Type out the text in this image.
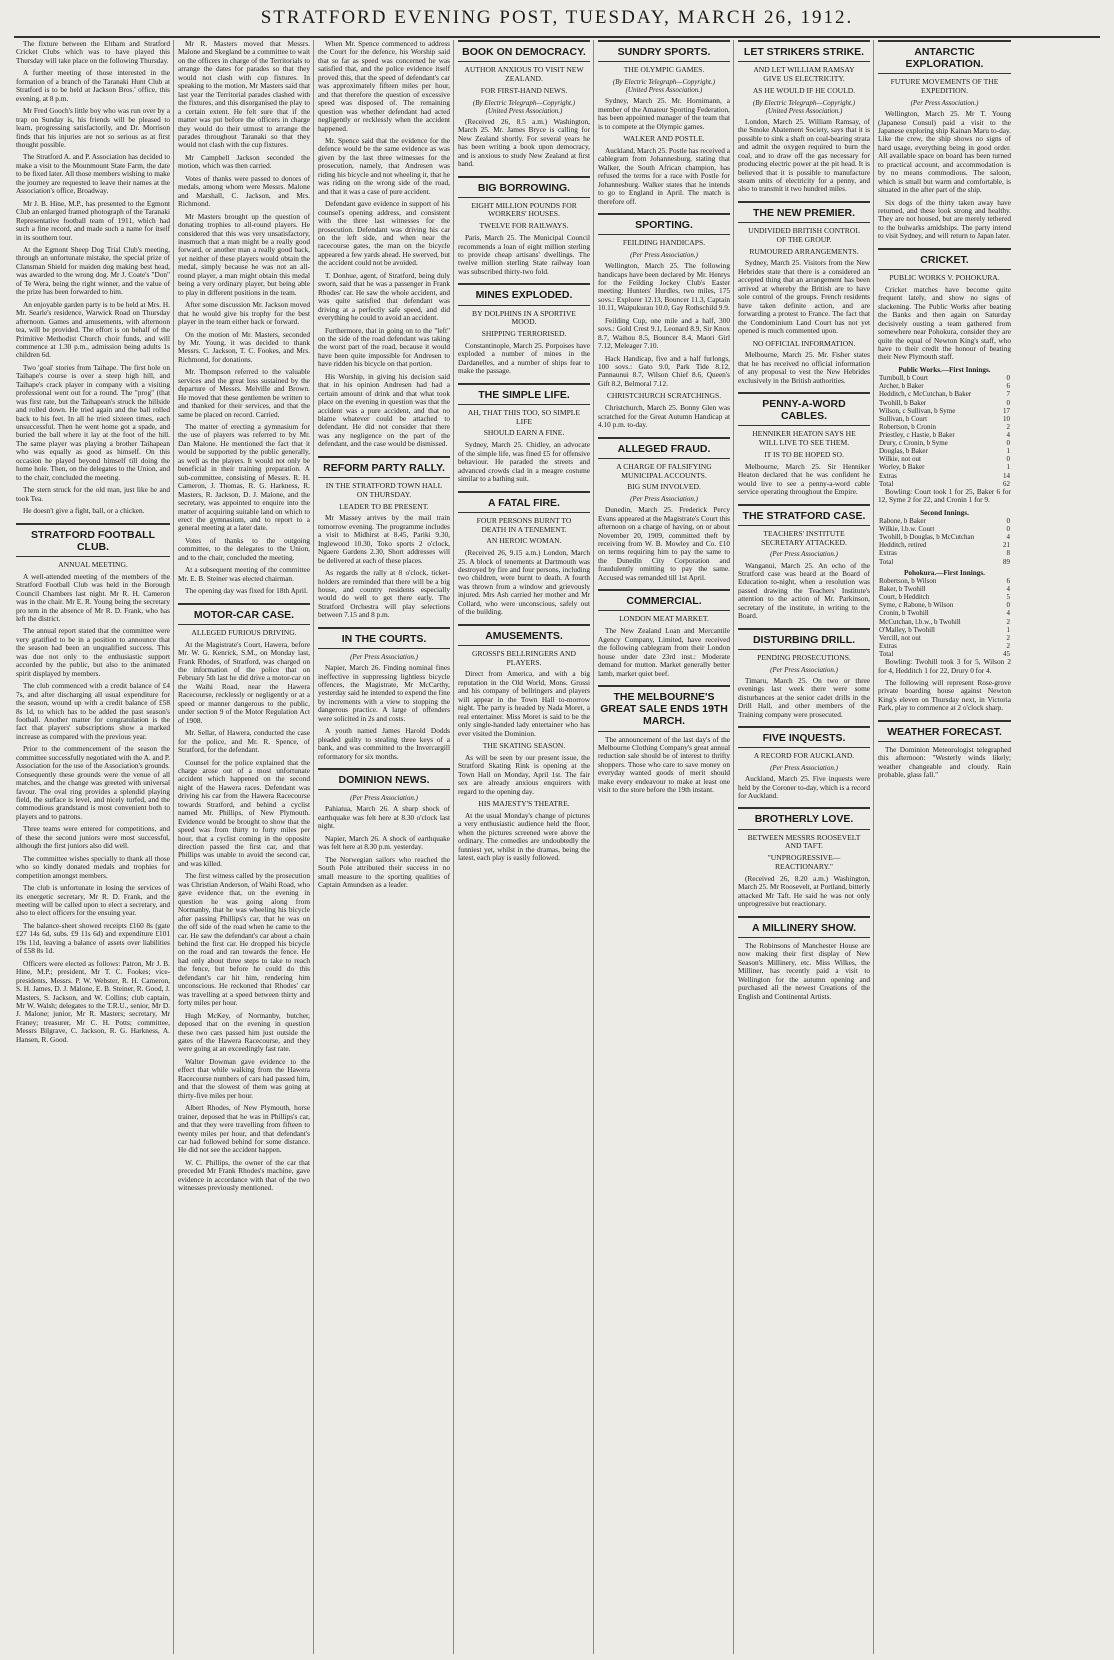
STRATFORD EVENING POST, TUESDAY, MARCH 26, 1912.

The fixture between the Eltham and Stratford Cricket Clubs which was to have played this Thursday will take place on the following Thursday.

A further meeting of those interested in the formation of a branch of the Taranaki Hunt Club at Stratford is to be held at Jackson Bros.' office, this evening, at 8 p.m.

Mr Fred Gooch's little boy who was run over by a trap on Sunday is, his friends will be pleased to learn, progressing satisfactorily, and Dr. Morrison finds that his injuries are not so serious as at first thought possible.

The Stratford A. and P. Association has decided to make a visit to the Mounmount State Farm, the date to be fixed later. All those members wishing to make the journey are requested to leave their names at the Association's office, Broadway.

Mr J. B. Hine, M.P., has presented to the Egmont Club an enlarged framed photograph of the Taranaki Representative football team of 1911, which had such a fine record, and made such a name for itself in its southern tour.

At the Egmont Sheep Dog Trial Club's meeting, through an unfortunate mistake, the special prize of Clansman Shield for maiden dog making best head, was awarded to the wrong dog. Mr J. Coate's "Don" of Te Wera, being the right winner, and the value of the prize has been forwarded to him.

An enjoyable garden party is to be held at Mrs. H. Mr. Searle's residence, Warwick Road on Thursday afternoon. Games and amusements, with afternoon tea, will be provided. The effort is on behalf of the Primitive Methodist Church choir funds, and will commence at 1.30 p.m., admission being adults 1s children 6d.

Two 'goal' stories from Taihape. The first hole on Taihape's course is over a steep high hill, and Taihape's crack player in company with a visiting professional went out for a round. The "prog" (that was first rate, but the Taihapean's struck the hillside and rolled down. He tried again and the ball rolled back to his feet. In all he tried sixteen times, each unsuccessful. Then he went home got a spade, and buried the ball where it lay at the foot of the hill. The same player was playing a brother Taihapean who was equally as good as himself. On this occasion he played beyond himself till doing the home hole. Then, on the delegates to the Union, and to the chair, concluded the meeting.

The stern struck for the old man, just like he and took Tea.

He doesn't give a fight, ball, or a chicken.

STRATFORD FOOTBALL CLUB.
ANNUAL MEETING.

A well-attended meeting of the members of the Stratford Football Club was held in the Borough Council Chambers last night. Mr R. H. Cameron was in the chair. Mr E. R. Young being the secretary pro tem in the absence of Mr R. D. Frank, who has left the district.

The annual report stated that the committee were very gratified to be in a position to announce that the season had been an unqualified success. This was due not only to the enthusiastic support accorded by the public, but also to the animated spirit displayed by members.

The club commenced with a credit balance of £4 7s, and after discharging all usual expenditure for the season, wound up with a credit balance of £58 8s 1d, to which has to be added the past season's football. Another matter for congratulation is the fact that players' subscriptions show a marked increase as compared with the previous year.

Prior to the commencement of the season the committee successfully negotiated with the A. and P. Association for the use of the Association's grounds. Consequently these grounds were the venue of all matches, and the change was greeted with universal favour. The oval ring provides a splendid playing field, the surface is level, and nicely turfed, and the commodious grandstand is most convenient both to players and to patrons.

Three teams were entered for competitions, and of these the second juniors were most successful, although the first juniors also did well.

The committee wishes specially to thank all those who so kindly donated medals and trophies for competition amongst members.

The club is unfortunate in losing the services of its energetic secretary, Mr R. D. Frank, and the meeting will be called upon to elect a secretary, and also to elect officers for the ensuing year.

The balance-sheet showed receipts £160 8s (gate £27 14s 6d, subs. £9 11s 6d) and expenditure £101 19s 11d, leaving a balance of assets over liabilities of £58 8s 1d.

Officers were elected as follows: Patron, Mr J. B. Hine, M.P.; president, Mr T. C. Fookes; vice-presidents, Messrs. P. W. Webster, R. H. Cameron, S. H. James, D. J. Malone, E. B. Steiner, R. Good, J. Masters, S. Jackson, and W. Collins; club captain, Mr W. Walsh; delegates to the T.R.U., senior, Mr D. J. Malone; junior, Mr R. Masters; secretary, Mr Franey; treasurer, Mr C. H. Potts; committee, Messrs Bilgrave, C. Jackson, R. G. Harkness, A. Hansen, R. Good.

Mr R. Masters moved that Messrs. Malone and Skegland be a committee to wait on the officers in charge of the Territorials to arrange the dates for parades so that they would not clash with cup fixtures. In speaking to the motion, Mr Masters said that last year the Territorial parades clashed with the fixtures, and this disorganised the play to a certain extent. He felt sure that if the matter was put before the officers in charge they would do their utmost to arrange the parades throughout Taranaki so that they would not clash with the cup fixtures.

Mr Campbell Jackson seconded the motion, which was then carried.

Votes of thanks were passed to donors of medals, among whom were Messrs. Malone and Marshall, C. Jackson, and Mrs. Richmond.

Mr Masters brought up the question of donating trophies to all-round players. He considered that this was very unsatisfactory, inasmuch that a man might be a really good forward, or another man a really good back, yet neither of these players would obtain the medal, simply because he was not an all-round player, a man might obtain this medal being a very ordinary player, but being able to play in different positions in the team.

After some discussion Mr. Jackson moved that he would give his trophy for the best player in the team either back or forward.

On the motion of Mr. Masters, seconded by Mr. Young, it was decided to thank Messrs. C. Jackson, T. C. Fookes, and Mrs. Richmond, for donations.

Mr. Thompson referred to the valuable services and the great loss sustained by the departure of Messrs. Melville and Brown. He moved that these gentlemen be written to and thanked for their services, and that the same be placed on record. Carried.

The matter of erecting a gymnasium for the use of players was referred to by Mr. Dan Malone. He mentioned the fact that it would be supported by the public generally, as well as the players. It would not only be beneficial in their training preparation. A sub-committee, consisting of Messrs. R. H. Cameron, J. Thomas, R. G. Harkness, R. Masters, R. Jackson, D. J. Malone, and the secretary, was appointed to enquire into the matter of acquiring suitable land on which to erect the gymnasium, and to report to a general meeting at a later date.

Votes of thanks to the outgoing committee, to the delegates to the Union, and to the chair, concluded the meeting.

At a subsequent meeting of the committee Mr. E. B. Steiner was elected chairman.

The opening day was fixed for 18th April.

MOTOR-CAR CASE.
ALLEGED FURIOUS DRIVING.

At the Magistrate's Court, Hawera, before Mr. W. G. Kenrick, S.M., on Monday last, Frank Rhodes, of Stratford, was charged on the information of the police that on February 5th last he did drive a motor-car on the Waihi Road, near the Hawera Racecourse, recklessly or negligently or at a speed or manner dangerous to the public, under section 9 of the Motor Regulation Act of 1908.

Mr. Sellar, of Hawera, conducted the case for the police, and Mr. R. Spence, of Stratford, for the defendant.

Counsel for the police explained that the charge arose out of a most unfortunate accident which happened on the second night of the Hawera races. Defendant was driving his car from the Hawera Racecourse towards Stratford, and behind a cyclist named Mr. Phillips, of New Plymouth. Evidence would be brought to show that the speed was from thirty to forty miles per hour, that a cyclist coming in the opposite direction passed the first car, and that Phillips was unable to avoid the second car, and was killed.

The first witness called by the prosecution was Christian Anderson, of Waihi Road, who gave evidence that, on the evening in question he was going along from Normanby, that he was wheeling his bicycle after passing Phillips's car, that he was on the off side of the road when he came to the car. He saw the defendant's car about a chain behind the first car. He dropped his bicycle on the road and ran towards the fence. He had only about three steps to take to reach the fence, but before he could do this defendant's car hit him, rendering him unconscious. He reckoned that Rhodes' car was travelling at a speed between thirty and forty miles per hour.

Hugh McKey, of Normanby, butcher, deposed that on the evening in question these two cars passed him just outside the gates of the Hawera Racecourse, and they were going at an exceedingly fast rate.

Walter Dowman gave evidence to the effect that while walking from the Hawera Racecourse numbers of cars had passed him, and that the slowest of them was going at thirty-five miles per hour.

Albert Rhodes, of New Plymouth, horse trainer, deposed that he was in Phillips's car, and that they were travelling from fifteen to twenty miles per hour, and that defendant's car had followed behind for some distance. He did not see the accident happen.

W. C. Phillips, the owner of the car that preceded Mr Frank Rhodes's machine, gave evidence in accordance with that of the two witnesses previously mentioned.

When Mr. Spence commenced to address the Court for the defence, his Worship said that so far as speed was concerned he was satisfied that, and the police evidence itself proved this, that the speed of defendant's car was approximately fifteen miles per hour, and that therefore the question of excessive speed was disposed of. The remaining question was whether defendant had acted negligently or recklessly when the accident happened.

Mr. Spence said that the evidence for the defence would be the same evidence as was given by the last three witnesses for the prosecution, namely, that Andresen was riding his bicycle and not wheeling it, that he was riding on the wrong side of the road, and that it was a case of pure accident.

Defendant gave evidence in support of his counsel's opening address, and consistent with the three last witnesses for the prosecution. Defendant was driving his car on the left side, and when near the racecourse gates, the man on the bicycle appeared a few yards ahead. He swerved, but the accident could not be avoided.

T. Donhue, agent, of Stratford, being duly sworn, said that he was a passenger in Frank Rhodes' car. He saw the whole accident, and was quite satisfied that defendant was driving at a perfectly safe speed, and did everything he could to avoid an accident.

Furthermore, that in going on to the "left" on the side of the road defendant was taking the worst part of the road, because it would have been quite impossible for Andresen to have ridden his bicycle on that portion.

His Worship, in giving his decision said that in his opinion Andresen had had a certain amount of drink and that what took place on the evening in question was that the accident was a pure accident, and that no blame whatever could be attached to defendant. He did not consider that there was any negligence on the part of the defendant, and the case would be dismissed.

REFORM PARTY RALLY.
IN THE STRATFORD TOWN HALL ON THURSDAY.
LEADER TO BE PRESENT.

Mr Massey arrives by the mail train tomorrow evening. The programme includes a visit to Midhirst at 8.45, Pariki 9.30, Inglewood 10.30, Toko sports 2 o'clock, Ngaere Gardens 2.30, Short addresses will be delivered at each of these places.

As regards the rally at 8 o'clock, ticket-holders are reminded that there will be a big house, and country residents especially would do well to get there early. The Stratford Orchestra will play selections between 7.15 and 8 p.m.

IN THE COURTS.
(Per Press Association.)

Napier, March 26. Finding nominal fines ineffective in suppressing lightless bicycle offences, the Magistrate, Mr McCarthy, yesterday said he intended to expend the fine by increments with a view to stopping the dangerous practice. A large of offenders were solicited in 2s and costs.

A youth named James Harold Dodds pleaded guilty to stealing three keys of a bank, and was committed to the Invercargill reformatory for six months.

DOMINION NEWS.
(Per Press Association.)

Pahiatua, March 26. A sharp shock of earthquake was felt here at 8.30 o'clock last night.

Napier, March 26. A shock of earthquake was felt here at 8.30 p.m. yesterday.

The Norwegian sailors who reached the South Pole attributed their success in no small measure to the sporting qualities of Captain Amundsen as a leader.

BOOK ON DEMOCRACY.
AUTHOR ANXIOUS TO VISIT NEW ZEALAND.
FOR FIRST-HAND NEWS.
(By Electric Telegraph—Copyright.) (United Press Association.)

(Received 26, 8.5 a.m.) Washington, March 25. Mr. James Bryce is calling for New Zealand shortly. For several years he has been writing a book upon democracy, and is anxious to study New Zealand at first hand.

BIG BORROWING.
EIGHT MILLION POUNDS FOR WORKERS' HOUSES.
TWELVE FOR RAILWAYS.

Paris, March 25. The Municipal Council recommends a loan of eight million sterling to provide cheap artisans' dwellings. The twelve million sterling State railway loan was subscribed thirty-two fold.

MINES EXPLODED.
BY DOLPHINS IN A SPORTIVE MOOD.
SHIPPING TERRORISED.

Constantinople, March 25. Porpoises have exploded a number of mines in the Dardanelles, and a number of ships fear to make the passage.

THE SIMPLE LIFE.
AH, THAT THIS TOO, SO SIMPLE LIFE
SHOULD EARN A FINE.

Sydney, March 25. Chidley, an advocate of the simple life, was fined £5 for offensive behaviour. He paraded the streets and advanced crowds clad in a meagre costume similar to a bathing suit.

A FATAL FIRE.
FOUR PERSONS BURNT TO DEATH IN A TENEMENT.
AN HEROIC WOMAN.

(Received 26, 9.15 a.m.) London, March 25. A block of tenements at Dartmouth was destroyed by fire and four persons, including two children, were burnt to death. A fourth was thrown from a window and grievously injured. Mrs Ash carried her mother and Mr Collard, who were unconscious, safely out of the building.

AMUSEMENTS.
GROSSI'S BELLRINGERS AND PLAYERS.

Direct from America, and with a big reputation in the Old World, Mons. Grossi and his company of bellringers and players will appear in the Town Hall to-morrow night. The party is headed by Nada Moret, a real entertainer. Miss Moret is said to be the only single-handed lady entertainer who has ever visited the Dominion.

THE SKATING SEASON.

As will be seen by our present issue, the Stratford Skating Rink is opening at the Town Hall on Monday, April 1st. The fair sex are already anxious enquirers with regard to the opening day.

HIS MAJESTY'S THEATRE.

At the usual Monday's change of pictures a very enthusiastic audience held the floor, when the pictures screened were above the ordinary. The comedies are undoubtedly the funniest yet, whilst in the dramas, being the latest, each play is easily followed.

SUNDRY SPORTS.
THE OLYMPIC GAMES.
(By Electric Telegraph—Copyright.) (United Press Association.)

Sydney, March 25. Mr. Hornimann, a member of the Amateur Sporting Federation, has been appointed manager of the team that is to compete at the Olympic games.

WALKER AND POSTLE.

Auckland, March 25. Postle has received a cablegram from Johannesburg, stating that Walker, the South African champion, has refused the terms for a race with Postle for Johannesburg. Walker states that he intends to go to England in April. The match is therefore off.

SPORTING.
FEILDING HANDICAPS.
(Per Press Association.)

Wellington, March 25. The following handicaps have been declared by Mr. Henrys for the Feilding Jockey Club's Easter meeting: Hunters' Hurdles, two miles, 175 sovs.: Explorer 12.13, Bouncer 11.3, Captain 10.11, Waipukurau 10.0, Gay Rothschild 9.9.

Feilding Cup, one mile and a half, 300 sovs.: Gold Crest 9.1, Leonard 8.9, Sir Knox 8.7, Waihou 8.5, Bouncer 8.4, Maori Girl 7.12, Meleager 7.10.

Hack Handicap, five and a half furlongs, 100 sovs.: Gato 9.0, Park Tide 8.12, Pannaunui 8.7, Wilson Chief 8.6, Queen's Gift 8.2, Belmoral 7.12.

CHRISTCHURCH SCRATCHINGS.

Christchurch, March 25. Bonny Glen was scratched for the Great Autumn Handicap at 4.10 p.m. to-day.

ALLEGED FRAUD.
A CHARGE OF FALSIFYING MUNICIPAL ACCOUNTS.
BIG SUM INVOLVED.
(Per Press Association.)

Dunedin, March 25. Frederick Percy Evans appeared at the Magistrate's Court this afternoon on a charge of having, on or about November 20, 1909, committed theft by receiving from W. B. Mowley and Co. £10 on terms requiring him to pay the same to the Dunedin City Corporation and fraudulently omitting to pay the same. Accused was remanded till 1st April.

COMMERCIAL.
LONDON MEAT MARKET.

The New Zealand Loan and Mercantile Agency Company, Limited, have received the following cablegram from their London house under date 23rd inst.: Moderate demand for mutton. Market generally better lamb, market quiet beef.

THE MELBOURNE'S GREAT SALE ENDS 19TH MARCH.

The announcement of the last day's of the Melbourne Clothing Company's great annual reduction sale should be of interest to thrifty shoppers. Those who care to save money on everyday wanted goods of merit should make every endeavour to make at least one visit to the store before the 19th instant.

LET STRIKERS STRIKE.
AND LET WILLIAM RAMSAY GIVE US ELECTRICITY.
AS HE WOULD IF HE COULD.
(By Electric Telegraph—Copyright.) (United Press Association.)

London, March 25. William Ramsay, of the Smoke Abatement Society, says that it is possible to sink a shaft on coal-bearing strata and admit the oxygen required to burn the coal, and to draw off the gas necessary for producing electric power at the pit head. It is believed that it is possible to manufacture steam units of electricity for a penny, and also to transmit it two hundred miles.

THE NEW PREMIER.
UNDIVIDED BRITISH CONTROL OF THE GROUP.
RUMOURED ARRANGEMENTS.

Sydney, March 25. Visitors from the New Hebrides state that there is a considered an accepted thing that an arrangement has been arrived at whereby the British are to have sole control of the groups. French residents have taken definite action, and are forwarding a protest to France. The fact that the Condominium Land Court has not yet opened is much commented upon.

NO OFFICIAL INFORMATION.

Melbourne, March 25. Mr. Fisher states that he has received no official information of any proposal to vest the New Hebrides exclusively in the British authorities.

PENNY-A-WORD CABLES.
HENNIKER HEATON SAYS HE WILL LIVE TO SEE THEM.
IT IS TO BE HOPED SO.

Melbourne, March 25. Sir Henniker Heaton declared that he was confident he would live to see a penny-a-word cable service operating throughout the Empire.

THE STRATFORD CASE.
TEACHERS' INSTITUTE SECRETARY ATTACKED.
(Per Press Association.)

Wanganui, March 25. An echo of the Stratford case was heard at the Board of Education to-night, when a resolution was passed drawing the Teachers' Institute's attention to the action of Mr. Parkinson, secretary of the institute, in writing to the Board.

DISTURBING DRILL.
PENDING PROSECUTIONS.
(Per Press Association.)

Timaru, March 25. On two or three evenings last week there were some disturbances at the senior cadet drills in the Drill Hall, and other members of the Training company were prosecuted.

FIVE INQUESTS.
A RECORD FOR AUCKLAND.
(Per Press Association.)

Auckland, March 25. Five inquests were held by the Coroner to-day, which is a record for Auckland.

BROTHERLY LOVE.
BETWEEN MESSRS ROOSEVELT AND TAFT.
"UNPROGRESSIVE—REACTIONARY."

(Received 26, 8.20 a.m.) Washington, March 25. Mr Roosevelt, at Portland, bitterly attacked Mr Taft. He said he was not only unprogressive but reactionary.

A MILLINERY SHOW.

The Robinsons of Manchester House are now making their first display of New Season's Millinery, etc. Miss Wilkes, the Milliner, has recently paid a visit to Wellington for the autumn opening and purchased all the newest Creations of the English and Continental Artists.

ANTARCTIC EXPLORATION.
FUTURE MOVEMENTS OF THE EXPEDITION.
(Per Press Association.)

Wellington, March 25. Mr T. Young (Japanese Consul) paid a visit to the Japanese exploring ship Kainan Maru to-day. Like the crew, the ship shows no signs of hard usage, everything being in good order. All available space on board has been turned to practical account, and accommodation is by no means commodious. The saloon, which is small but warm and comfortable, is situated in the after part of the ship.

Six dogs of the thirty taken away have returned, and these look strong and healthy. They are not housed, but are merely tethered to the bulwarks amidships. The party intend to visit Sydney, and will return to Japan later.

CRICKET.
PUBLIC WORKS V. POHOKURA.

Cricket matches have become quite frequent lately, and show no signs of slackening. The Public Works after beating the Banks and then again on Saturday decisively ousting a team gathered from somewhere near Pohokura, consider they are quite the equal of Newton King's staff, who have to their credit the honour of beating their New Plymouth staff.

Public Works.—First Innings.
Turnbull, b Court	0
Archer, b Baker	6
Hedditch, c McCutchan, b Baker	7
Twohill, b Baker	0
Wilson, c Sullivan, b Syme	17
Sullivan, b Court	10
Robertson, b Cronin	2
Priestley, c Hastie, b Baker	4
Drury, c Cronin, b Syme	0
Douglas, b Baker	1
Wilkie, not out	0
Worley, b Baker	1
Extras	14
Total	62

Bowling: Court took 1 for 25, Baker 6 for 12, Syme 2 for 22, and Cronin 1 for 9.

Second Innings.
Rabone, b Baker	0
Wilkie, l.b.w. Court	0
Twohill, b Douglas, b McCutchan	4
Hedditch, retired	21
Extras	8
Total	89
Pohokura.—First Innings.
Robertson, b Wilson	6
Baker, b Twohill	4
Court, b Hedditch	5
Syme, c Rabone, b Wilson	0
Cronin, b Twohill	4
McCutchan, l.b.w., b Twohill	2
O'Malley, b Twohill	1
Vercill, not out	2
Extras	2
Total	45

Bowling: Twohill took 3 for 5, Wilson 2 for 4, Hedditch 1 for 22, Drury 0 for 4.

The following will represent Rose-grove private boarding house against Newton King's eleven on Thursday next, in Victoria Park, play to commence at 2 o'clock sharp.

WEATHER FORECAST.

The Dominion Meteorologist telegraphed this afternoon: "Westerly winds likely; weather changeable and cloudy. Rain probable, glass fall."
